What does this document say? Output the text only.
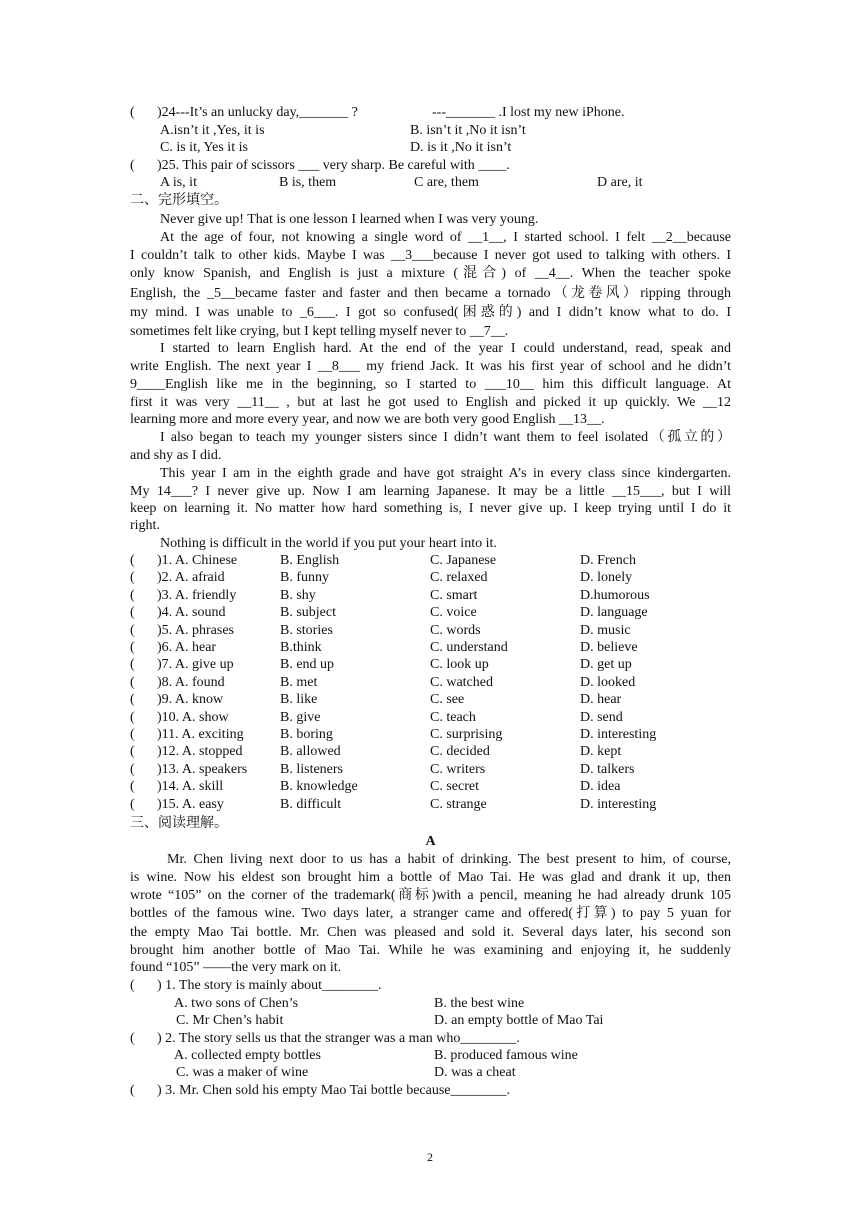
( )24---It’s an unlucky day,_______ ?	---_______ .I lost my new iPhone.
A.isn’t it ,Yes, it is	B. isn’t it ,No it isn’t
C. is it, Yes it is	D. is it ,No it isn’t
( )25. This pair of scissors ___ very sharp. Be careful with ____.
A is, it	B is, them	C are, them	D are, it
二、完形填空。
Never give up! That is one lesson I learned when I was very young.
At the age of four, not knowing a single word of __1__, I started school. I felt __2__because
I couldn’t talk to other kids. Maybe I was __3___because I never got used to talking with others. I
only know Spanish, and English is just a mixture (混合) of __4__. When the teacher spoke
English, the _5__became faster and faster and then became a tornado（龙卷风）ripping through
my mind. I was unable to _6___. I got so confused(困惑的) and I didn’t know what to do. I
sometimes felt like crying, but I kept telling myself never to __7__.
I started to learn English hard. At the end of the year I could understand, read, speak and
write English. The next year I __8___ my friend Jack. It was his first year of school and he didn’t
9____English like me in the beginning, so I started to ___10__ him this difficult language. At
first it was very __11__ , but at last he got used to English and picked it up quickly. We __12
learning more and more every year, and now we are both very good English __13__.
I also began to teach my younger sisters since I didn’t want them to feel isolated（孤立的）
and shy as I did.
This year I am in the eighth grade and have got straight A’s in every class since kindergarten.
My 14___? I never give up. Now I am learning Japanese. It may be a little __15___, but I will
keep on learning it. No matter how hard something is, I never give up. I keep trying until I do it
right.
Nothing is difficult in the world if you put your heart into it.
( )1. A. Chinese	B. English	C. Japanese	D. French
( )2. A. afraid	B. funny	C. relaxed	D. lonely
( )3. A. friendly	B. shy	C. smart	D.humorous
( )4. A. sound	B. subject	C. voice	D. language
( )5. A. phrases	B. stories	C. words	D. music
( )6. A. hear	B.think	C. understand	D. believe
( )7. A. give up	B. end up	C. look up	D. get up
( )8. A. found	B. met	C. watched	D. looked
( )9. A. know	B. like	C. see	D. hear
( )10. A. show	B. give	C. teach	D. send
( )11. A. exciting	B. boring	C. surprising	D. interesting
( )12. A. stopped	B. allowed	C. decided	D. kept
( )13. A. speakers B. listeners	C. writers	D. talkers
( )14. A. skill	B. knowledge	C. secret	D. idea
( )15. A. easy	B. difficult	C. strange	D. interesting
三、阅读理解。
A
Mr. Chen living next door to us has a habit of drinking. The best present to him, of course,
is wine. Now his eldest son brought him a bottle of Mao Tai. He was glad and drank it up, then
wrote “105” on the corner of the trademark(商标)with a pencil, meaning he had already drunk 105
bottles of the famous wine. Two days later, a stranger came and offered(打算) to pay 5 yuan for
the empty Mao Tai bottle. Mr. Chen was pleased and sold it. Several days later, his second son
brought him another bottle of Mao Tai. While he was examining and enjoying it, he suddenly
found “105” ——the very mark on it.
( ) 1. The story is mainly about________.
A. two sons of Chen’s	B. the best wine
C. Mr Chen’s habit	D. an empty bottle of Mao Tai
( ) 2. The story sells us that the stranger was a man who________.
A. collected empty bottles	B. produced famous wine
C. was a maker of wine	D. was a cheat
( ) 3. Mr. Chen sold his empty Mao Tai bottle because________.
2
